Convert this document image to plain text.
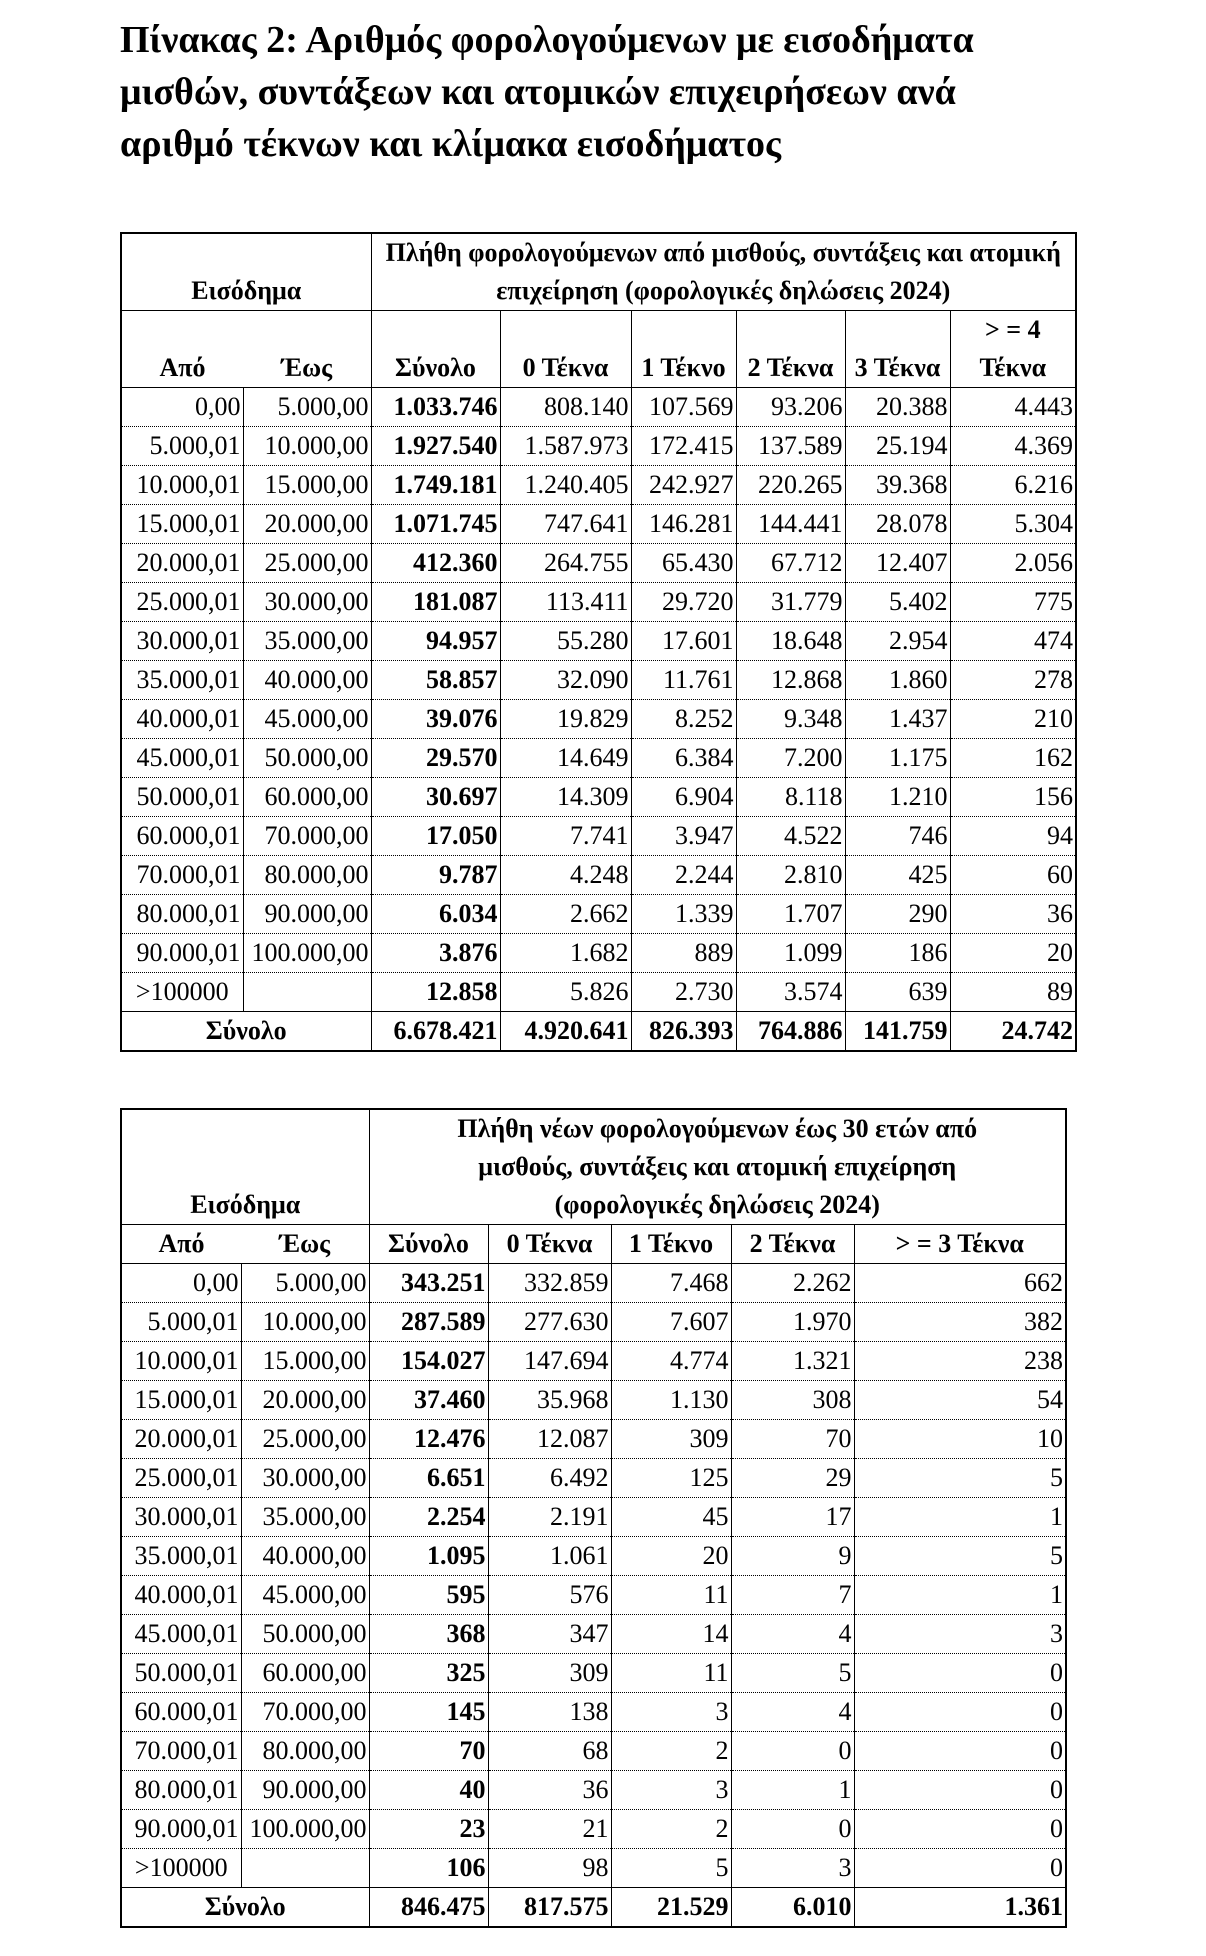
Πίνακας 2: Αριθμός φορολογούμενων με εισοδήματα μισθών, συντάξεων και ατομικών επιχειρήσεων ανά αριθμό τέκνων και κλίμακα εισοδήματος
Εισόδημα		Πλήθη φορολογούμενων από μισθούς, συντάξεις και ατομική επιχείρηση (φορολογικές δηλώσεις 2024)					
Από	Έως	Σύνολο	0 Τέκνα	1 Τέκνο	2 Τέκνα	3 Τέκνα	> = 4
Τέκνα
0,00	5.000,00	1.033.746	808.140	107.569	93.206	20.388	4.443
5.000,01	10.000,00	1.927.540	1.587.973	172.415	137.589	25.194	4.369
10.000,01	15.000,00	1.749.181	1.240.405	242.927	220.265	39.368	6.216
15.000,01	20.000,00	1.071.745	747.641	146.281	144.441	28.078	5.304
20.000,01	25.000,00	412.360	264.755	65.430	67.712	12.407	2.056
25.000,01	30.000,00	181.087	113.411	29.720	31.779	5.402	775
30.000,01	35.000,00	94.957	55.280	17.601	18.648	2.954	474
35.000,01	40.000,00	58.857	32.090	11.761	12.868	1.860	278
40.000,01	45.000,00	39.076	19.829	8.252	9.348	1.437	210
45.000,01	50.000,00	29.570	14.649	6.384	7.200	1.175	162
50.000,01	60.000,00	30.697	14.309	6.904	8.118	1.210	156
60.000,01	70.000,00	17.050	7.741	3.947	4.522	746	94
70.000,01	80.000,00	9.787	4.248	2.244	2.810	425	60
80.000,01	90.000,00	6.034	2.662	1.339	1.707	290	36
90.000,01	100.000,00	3.876	1.682	889	1.099	186	20
>100000		12.858	5.826	2.730	3.574	639	89
Σύνολο		6.678.421	4.920.641	826.393	764.886	141.759	24.742
Εισόδημα		Πλήθη νέων φορολογούμενων έως 30 ετών από
μισθούς, συντάξεις και ατομική επιχείρηση
(φορολογικές δηλώσεις 2024)				
Από	Έως	Σύνολο	0 Τέκνα	1 Τέκνο	2 Τέκνα	> = 3 Τέκνα
0,00	5.000,00	343.251	332.859	7.468	2.262	662
5.000,01	10.000,00	287.589	277.630	7.607	1.970	382
10.000,01	15.000,00	154.027	147.694	4.774	1.321	238
15.000,01	20.000,00	37.460	35.968	1.130	308	54
20.000,01	25.000,00	12.476	12.087	309	70	10
25.000,01	30.000,00	6.651	6.492	125	29	5
30.000,01	35.000,00	2.254	2.191	45	17	1
35.000,01	40.000,00	1.095	1.061	20	9	5
40.000,01	45.000,00	595	576	11	7	1
45.000,01	50.000,00	368	347	14	4	3
50.000,01	60.000,00	325	309	11	5	0
60.000,01	70.000,00	145	138	3	4	0
70.000,01	80.000,00	70	68	2	0	0
80.000,01	90.000,00	40	36	3	1	0
90.000,01	100.000,00	23	21	2	0	0
>100000		106	98	5	3	0
Σύνολο		846.475	817.575	21.529	6.010	1.361
